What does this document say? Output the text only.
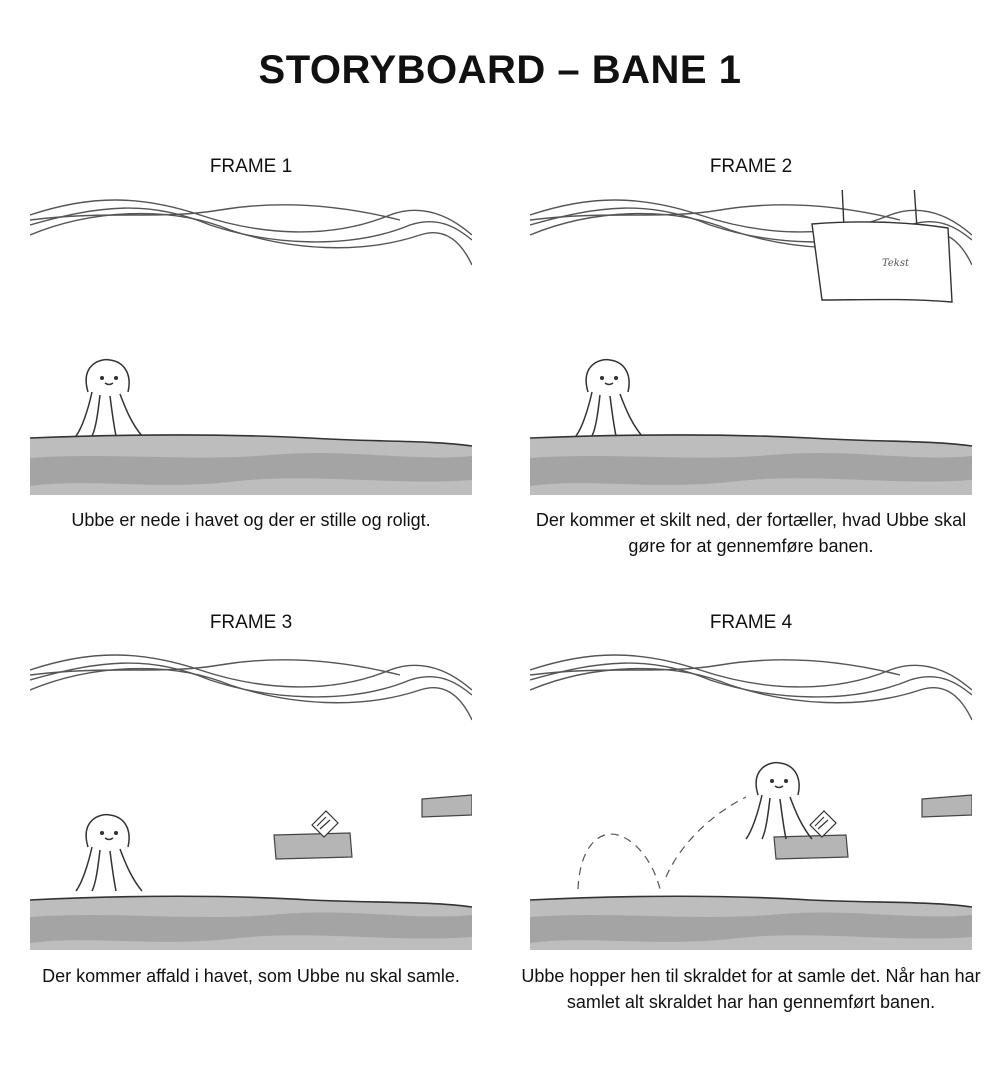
STORYBOARD – BANE 1
FRAME 1
Ubbe er nede i havet og der er stille og roligt.
FRAME 2
Tekst
Der kommer et skilt ned, der fortæller, hvad Ubbe skal gøre for at gennemføre banen.
FRAME 3
Der kommer affald i havet, som Ubbe nu skal samle.
FRAME 4
Ubbe hopper hen til skraldet for at samle det. Når han har samlet alt skraldet har han gennemført banen.
